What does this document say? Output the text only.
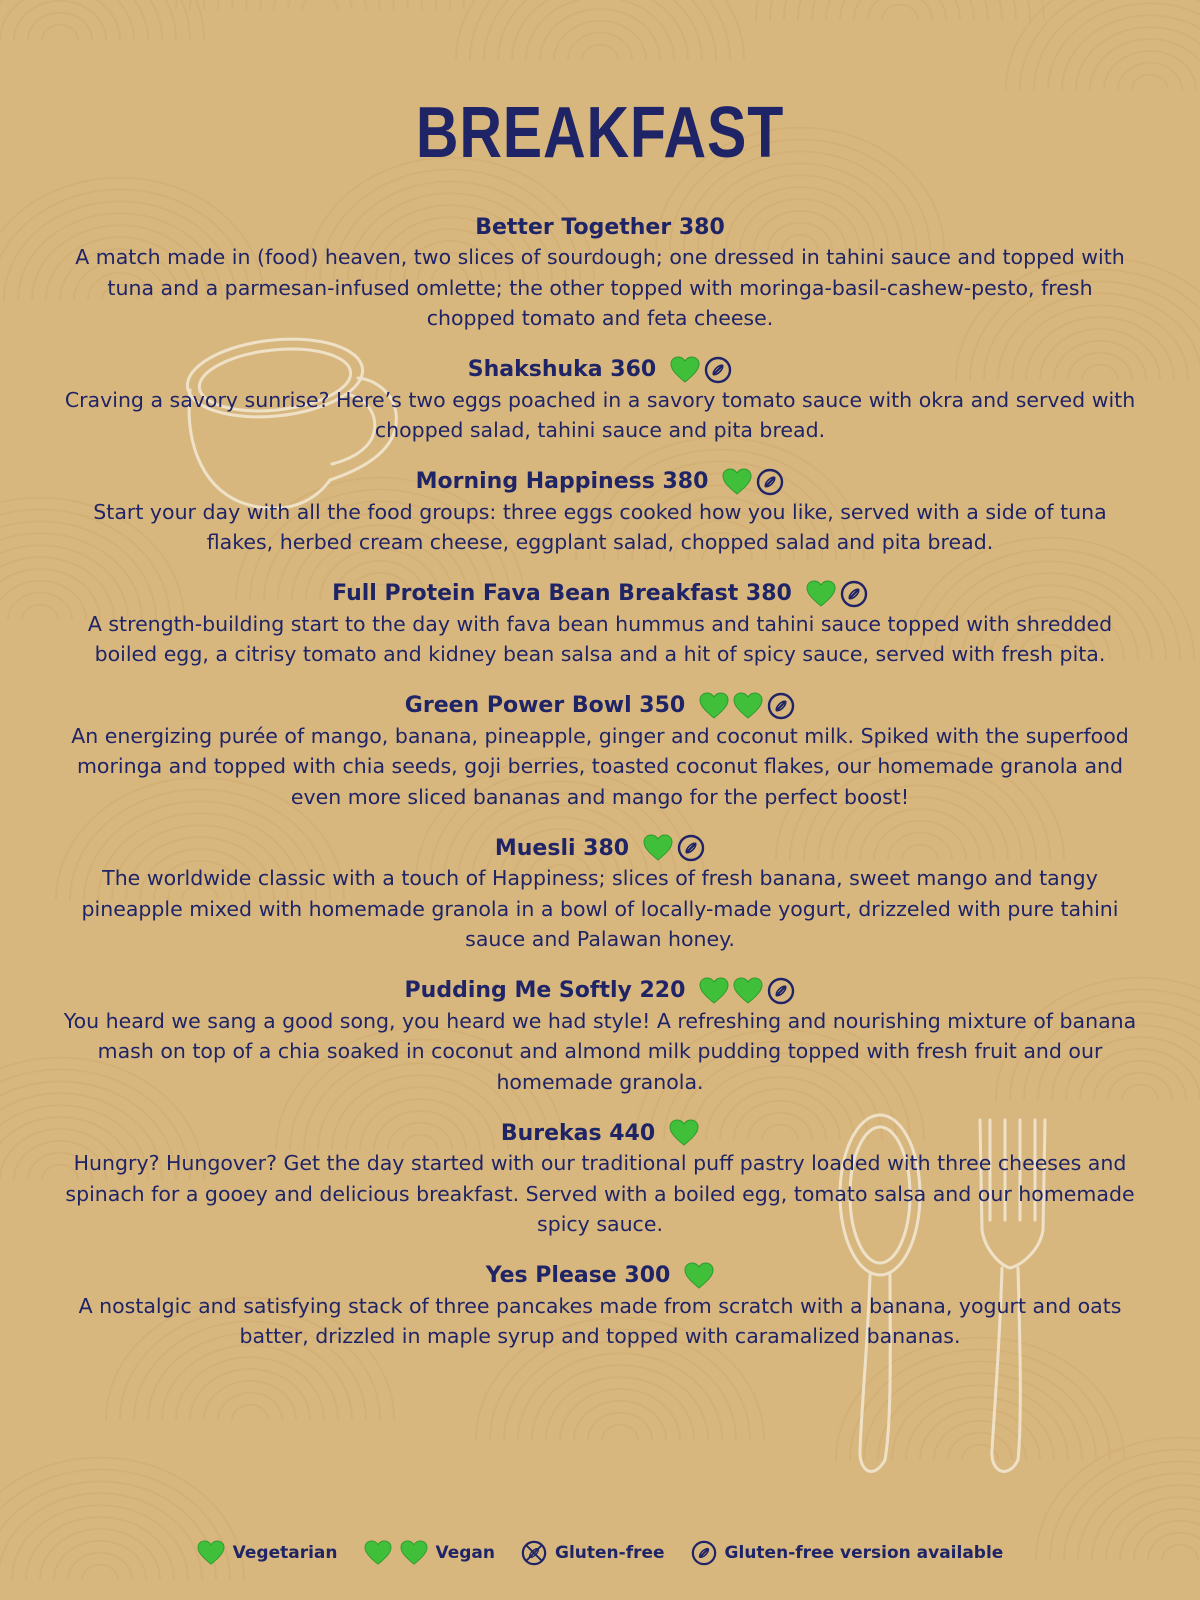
BREAKFAST
Better Together 380
A match made in (food) heaven, two slices of sourdough; one dressed in tahini sauce and topped with tuna and a parmesan-infused omlette; the other topped with moringa-basil-cashew-pesto, fresh chopped tomato and feta cheese.
Shakshuka 360
Craving a savory sunrise? Here’s two eggs poached in a savory tomato sauce with okra and served with chopped salad, tahini sauce and pita bread.
Morning Happiness 380
Start your day with all the food groups: three eggs cooked how you like, served with a side of tuna flakes, herbed cream cheese, eggplant salad, chopped salad and pita bread.
Full Protein Fava Bean Breakfast 380
A strength-building start to the day with fava bean hummus and tahini sauce topped with shredded boiled egg, a citrisy tomato and kidney bean salsa and a hit of spicy sauce, served with fresh pita.
Green Power Bowl 350
An energizing purée of mango, banana, pineapple, ginger and coconut milk. Spiked with the superfood moringa and topped with chia seeds, goji berries, toasted coconut flakes, our homemade granola and even more sliced bananas and mango for the perfect boost!
Muesli 380
The worldwide classic with a touch of Happiness; slices of fresh banana, sweet mango and tangy pineapple mixed with homemade granola in a bowl of locally-made yogurt, drizzeled with pure tahini sauce and Palawan honey.
Pudding Me Softly 220
You heard we sang a good song, you heard we had style! A refreshing and nourishing mixture of banana mash on top of a chia soaked in coconut and almond milk pudding topped with fresh fruit and our homemade granola.
Burekas 440
Hungry? Hungover? Get the day started with our traditional puff pastry loaded with three cheeses and spinach for a gooey and delicious breakfast. Served with a boiled egg, tomato salsa and our homemade spicy sauce.
Yes Please 300
A nostalgic and satisfying stack of three pancakes made from scratch with a banana, yogurt and oats batter, drizzled in maple syrup and topped with caramalized bananas.
Vegetarian	Vegan	Gluten-free	Gluten-free version available
